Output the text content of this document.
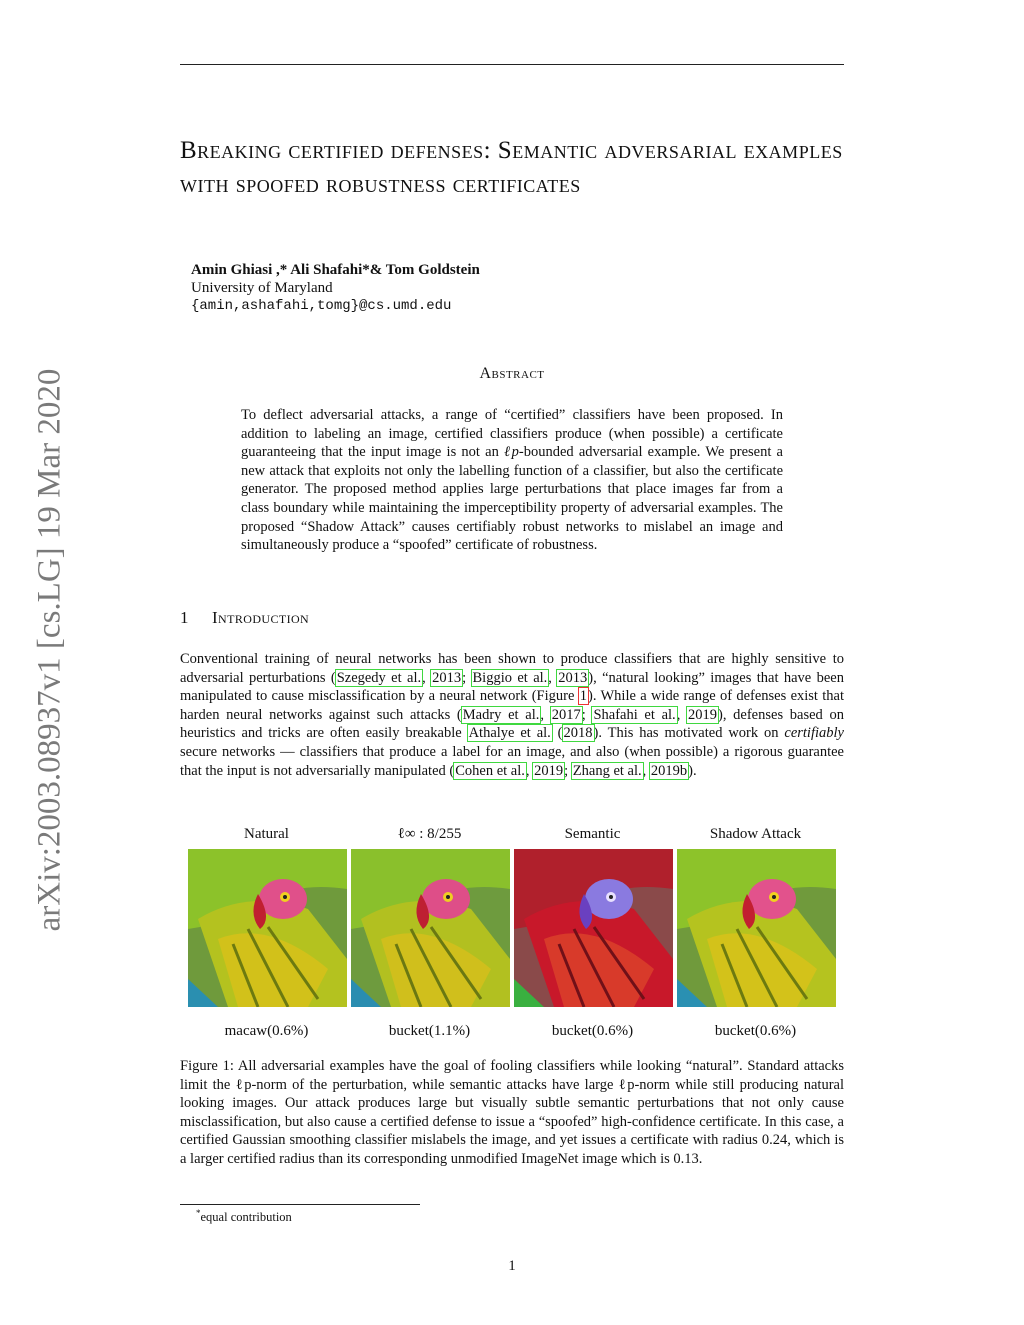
arXiv:2003.08937v1 [cs.LG] 19 Mar 2020
Breaking certified defenses: Semantic adversarial examples with spoofed robustness certificates
Amin Ghiasi ,* Ali Shafahi*& Tom Goldstein
University of Maryland
{amin,ashafahi,tomg}@cs.umd.edu
Abstract

To deflect adversarial attacks, a range of “certified” classifiers have been proposed. In addition to labeling an image, certified classifiers produce (when possible) a certificate guaranteeing that the input image is not an ℓp-bounded adversarial example. We present a new attack that exploits not only the labelling function of a classifier, but also the certificate generator. The proposed method applies large perturbations that place images far from a class boundary while maintaining the imperceptibility property of adversarial examples. The proposed “Shadow Attack” causes certifiably robust networks to mislabel an image and simultaneously produce a “spoofed” certificate of robustness.

1 Introduction

Conventional training of neural networks has been shown to produce classifiers that are highly sensitive to adversarial perturbations (Szegedy et al., 2013; Biggio et al., 2013), “natural looking” images that have been manipulated to cause misclassification by a neural network (Figure 1). While a wide range of defenses exist that harden neural networks against such attacks (Madry et al., 2017; Shafahi et al., 2019), defenses based on heuristics and tricks are often easily breakable Athalye et al. (2018). This has motivated work on certifiably secure networks — classifiers that produce a label for an image, and also (when possible) a rigorous guarantee that the input is not adversarially manipulated (Cohen et al., 2019; Zhang et al., 2019b).

Natural	ℓ∞ : 8/255	Semantic	Shadow Attack
macaw(0.6%)	bucket(1.1%)	bucket(0.6%)	bucket(0.6%)

Figure 1: All adversarial examples have the goal of fooling classifiers while looking “natural”. Standard attacks limit the ℓp-norm of the perturbation, while semantic attacks have large ℓp-norm while still producing natural looking images. Our attack produces large but visually subtle semantic perturbations that not only cause misclassification, but also cause a certified defense to issue a “spoofed” high-confidence certificate. In this case, a certified Gaussian smoothing classifier mislabels the image, and yet issues a certificate with radius 0.24, which is a larger certified radius than its corresponding unmodified ImageNet image which is 0.13.

*equal contribution
1
